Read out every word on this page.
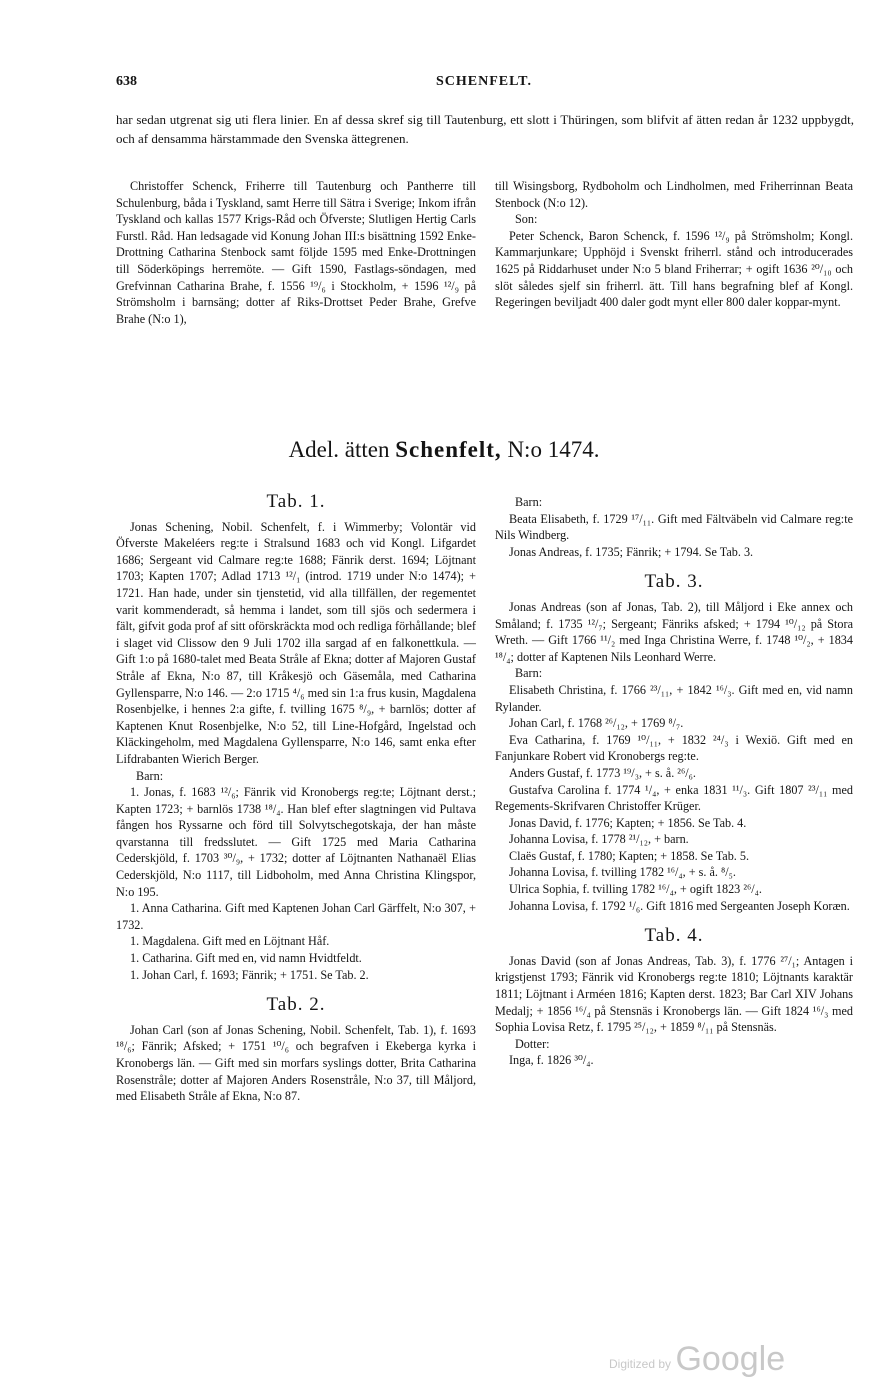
638	SCHENFELT.
har sedan utgrenat sig uti flera linier. En af dessa skref sig till Tautenburg, ett slott i Thüringen, som blifvit af ätten redan år 1232 uppbygdt, och af densamma härstammade den Svenska ättegrenen.

Christoffer Schenck, Friherre till Tautenburg och Pantherre till Schulenburg, båda i Tyskland, samt Herre till Sätra i Sverige; Inkom ifrån Tyskland och kallas 1577 Krigs-Råd och Öfverste; Slutligen Hertig Carls Furstl. Råd. Han ledsagade vid Konung Johan III:s bisättning 1592 Enke-Drottning Catharina Stenbock samt följde 1595 med Enke-Drottningen till Söderköpings herremöte. — Gift 1590, Fastlags-söndagen, med Grefvinnan Catharina Brahe, f. 1556 ¹⁹/₆ i Stockholm, + 1596 ¹²/₉ på Strömsholm i barnsäng; dotter af Riks-Drottset Peder Brahe, Grefve Brahe (N:o 1),

till Wisingsborg, Rydboholm och Lindholmen, med Friherrinnan Beata Stenbock (N:o 12).

Son:

Peter Schenck, Baron Schenck, f. 1596 ¹²/₉ på Strömsholm; Kongl. Kammarjunkare; Upphöjd i Svenskt friherrl. stånd och introducerades 1625 på Riddarhuset under N:o 5 bland Friherrar; + ogift 1636 ²⁰/₁₀ och slöt således sjelf sin friherrl. ätt. Till hans begrafning blef af Kongl. Regeringen beviljadt 400 daler godt mynt eller 800 daler koppar-mynt.

Adel. ätten Schenfelt, N:o 1474.
Tab. 1.

Jonas Schening, Nobil. Schenfelt, f. i Wimmerby; Volontär vid Öfverste Makeléers reg:te i Stralsund 1683 och vid Kongl. Lifgardet 1686; Sergeant vid Calmare reg:te 1688; Fänrik derst. 1694; Löjtnant 1703; Kapten 1707; Adlad 1713 ¹²/₁ (introd. 1719 under N:o 1474); + 1721. Han hade, under sin tjenstetid, vid alla tillfällen, der regementet varit kommenderadt, så hemma i landet, som till sjös och sedermera i fält, gifvit goda prof af sitt oförskräckta mod och redliga förhållande; blef i slaget vid Clissow den 9 Juli 1702 illa sargad af en falkonettkula. — Gift 1:o på 1680-talet med Beata Stråle af Ekna; dotter af Majoren Gustaf Stråle af Ekna, N:o 87, till Kråkesjö och Gäsemåla, med Catharina Gyllensparre, N:o 146. — 2:o 1715 ⁴/₆ med sin 1:a frus kusin, Magdalena Rosenbjelke, i hennes 2:a gifte, f. tvilling 1675 ⁸/₉, + barnlös; dotter af Kaptenen Knut Rosenbjelke, N:o 52, till Line-Hofgård, Ingelstad och Kläckingeholm, med Magdalena Gyllensparre, N:o 146, samt enka efter Lifdrabanten Wierich Berger.

Barn:

1. Jonas, f. 1683 ¹²/₆; Fänrik vid Kronobergs reg:te; Löjtnant derst.; Kapten 1723; + barnlös 1738 ¹⁸/₄. Han blef efter slagtningen vid Pultava fången hos Ryssarne och förd till Solvytschegotskaja, der han måste qvarstanna till fredsslutet. — Gift 1725 med Maria Catharina Cederskjöld, f. 1703 ³⁰/₉, + 1732; dotter af Löjtnanten Nathanaël Elias Cederskjöld, N:o 1117, till Lidboholm, med Anna Christina Klingspor, N:o 195.

1. Anna Catharina. Gift med Kaptenen Johan Carl Gärffelt, N:o 307, + 1732.

1. Magdalena. Gift med en Löjtnant Håf.

1. Catharina. Gift med en, vid namn Hvidtfeldt.

1. Johan Carl, f. 1693; Fänrik; + 1751. Se Tab. 2.

Tab. 2.

Johan Carl (son af Jonas Schening, Nobil. Schenfelt, Tab. 1), f. 1693 ¹⁸/₆; Fänrik; Afsked; + 1751 ¹⁰/₆ och begrafven i Ekeberga kyrka i Kronobergs län. — Gift med sin morfars syslings dotter, Brita Catharina Rosenstråle; dotter af Majoren Anders Rosenstråle, N:o 37, till Måljord, med Elisabeth Stråle af Ekna, N:o 87.

Barn:

Beata Elisabeth, f. 1729 ¹⁷/₁₁. Gift med Fältväbeln vid Calmare reg:te Nils Windberg.

Jonas Andreas, f. 1735; Fänrik; + 1794. Se Tab. 3.

Tab. 3.

Jonas Andreas (son af Jonas, Tab. 2), till Måljord i Eke annex och Småland; f. 1735 ¹²/₇; Sergeant; Fänriks afsked; + 1794 ¹⁰/₁₂ på Stora Wreth. — Gift 1766 ¹¹/₂ med Inga Christina Werre, f. 1748 ¹⁰/₂, + 1834 ¹⁸/₄; dotter af Kaptenen Nils Leonhard Werre.

Barn:

Elisabeth Christina, f. 1766 ²³/₁₁, + 1842 ¹⁶/₃. Gift med en, vid namn Rylander.

Johan Carl, f. 1768 ²⁶/₁₂, + 1769 ⁸/₇.

Eva Catharina, f. 1769 ¹⁰/₁₁, + 1832 ²⁴/₃ i Wexiö. Gift med en Fanjunkare Robert vid Kronobergs reg:te.

Anders Gustaf, f. 1773 ¹⁹/₃, + s. å. ²⁶/₆.

Gustafva Carolina f. 1774 ¹/₄, + enka 1831 ¹¹/₃. Gift 1807 ²³/₁₁ med Regements-Skrifvaren Christoffer Krüger.

Jonas David, f. 1776; Kapten; + 1856. Se Tab. 4.

Johanna Lovisa, f. 1778 ²¹/₁₂, + barn.

Claës Gustaf, f. 1780; Kapten; + 1858. Se Tab. 5.

Johanna Lovisa, f. tvilling 1782 ¹⁶/₄, + s. å. ⁸/₅.

Ulrica Sophia, f. tvilling 1782 ¹⁶/₄, + ogift 1823 ²⁶/₄.

Johanna Lovisa, f. 1792 ¹/₆. Gift 1816 med Sergeanten Joseph Koræn.

Tab. 4.

Jonas David (son af Jonas Andreas, Tab. 3), f. 1776 ²⁷/₁; Antagen i krigstjenst 1793; Fänrik vid Kronobergs reg:te 1810; Löjtnants karaktär 1811; Löjtnant i Arméen 1816; Kapten derst. 1823; Bar Carl XIV Johans Medalj; + 1856 ¹⁶/₄ på Stensnäs i Kronobergs län. — Gift 1824 ¹⁶/₃ med Sophia Lovisa Retz, f. 1795 ²⁵/₁₂, + 1859 ⁸/₁₁ på Stensnäs.

Dotter:

Inga, f. 1826 ³⁰/₄.

Digitized by Google
